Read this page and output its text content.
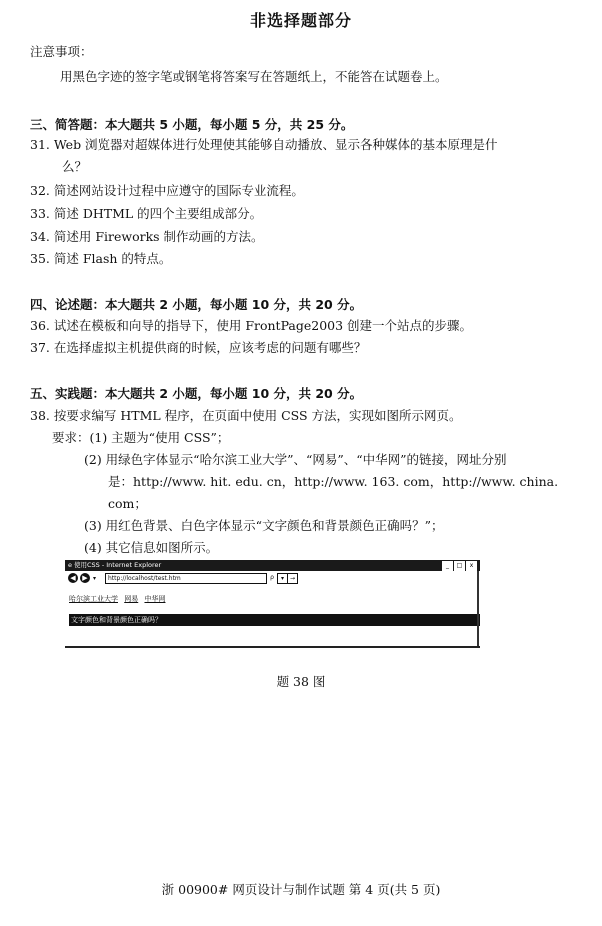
非选择题部分
注意事项：
用黑色字迹的签字笔或钢笔将答案写在答题纸上，不能答在试题卷上。
三、简答题：本大题共 5 小题，每小题 5 分，共 25 分。
31. Web 浏览器对超媒体进行处理使其能够自动播放、显示各种媒体的基本原理是什
么？
32. 简述网站设计过程中应遵守的国际专业流程。
33. 简述 DHTML 的四个主要组成部分。
34. 简述用 Fireworks 制作动画的方法。
35. 简述 Flash 的特点。
四、论述题：本大题共 2 小题，每小题 10 分，共 20 分。
36. 试述在模板和向导的指导下，使用 FrontPage2003 创建一个站点的步骤。
37. 在选择虚拟主机提供商的时候，应该考虑的问题有哪些？
五、实践题：本大题共 2 小题，每小题 10 分，共 20 分。
38. 按要求编写 HTML 程序，在页面中使用 CSS 方法，实现如图所示网页。
要求：(1) 主题为“使用 CSS”；
(2) 用绿色字体显示“哈尔滨工业大学”、“网易”、“中华网”的链接，网址分别
是：http://www. hit. edu. cn，http://www. 163. com，http://www. china.
com；
(3) 用红色背景、白色字体显示“文字颜色和背景颜色正确吗？”；
(4) 其它信息如图所示。
e 使用CSS - Internet Explorer	_	□	x
◀ ▶ ▾	http://localhost/test.htm	ρ	▾ →
哈尔滨工业大学 网易 中华网
文字颜色和背景颜色正确吗？
题 38 图
浙 00900# 网页设计与制作试题 第 4 页(共 5 页)
